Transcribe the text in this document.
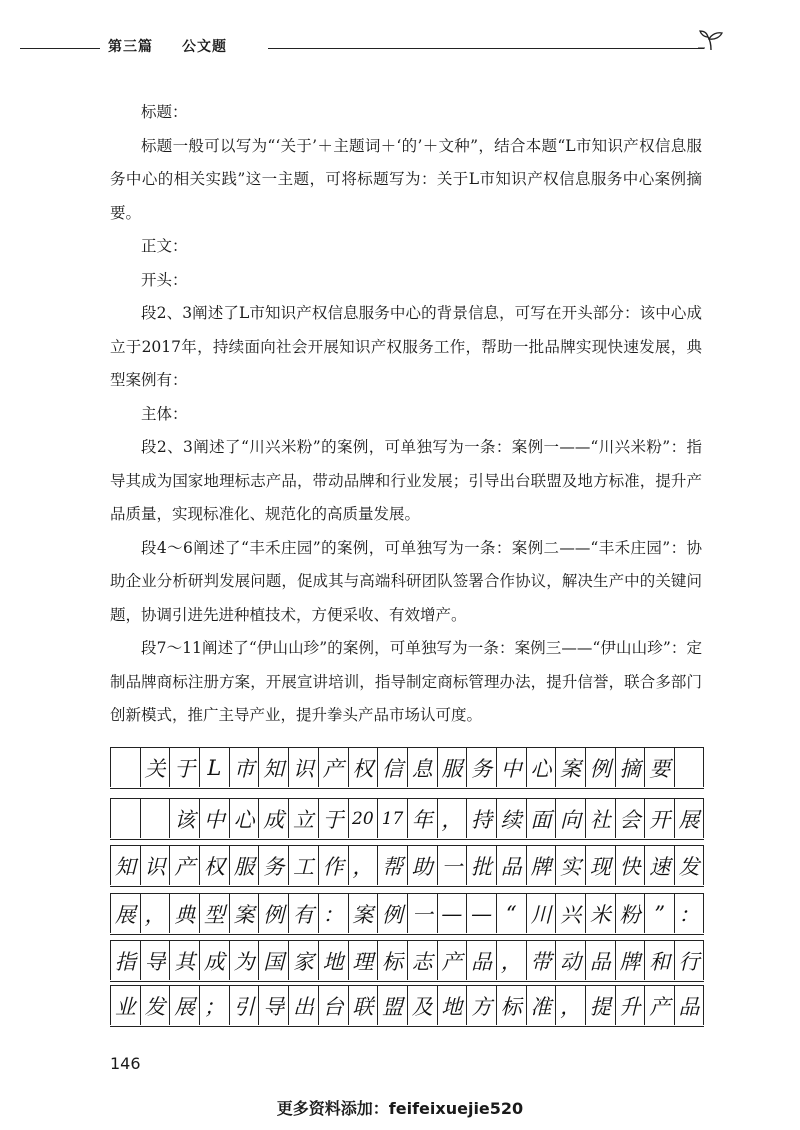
第三篇 公文题

标题：

标题一般可以写为“‘关于’＋主题词＋‘的’＋文种”，结合本题“L市知识产权信息服务中心的相关实践”这一主题，可将标题写为：关于L市知识产权信息服务中心案例摘要。

正文：

开头：

段2、3阐述了L市知识产权信息服务中心的背景信息，可写在开头部分：该中心成立于2017年，持续面向社会开展知识产权服务工作，帮助一批品牌实现快速发展，典型案例有：

主体：

段2、3阐述了“川兴米粉”的案例，可单独写为一条：案例一——“川兴米粉”：指导其成为国家地理标志产品，带动品牌和行业发展；引导出台联盟及地方标准，提升产品质量，实现标准化、规范化的高质量发展。

段4～6阐述了“丰禾庄园”的案例，可单独写为一条：案例二——“丰禾庄园”：协助企业分析研判发展问题，促成其与高端科研团队签署合作协议，解决生产中的关键问题，协调引进先进种植技术，方便采收、有效增产。

段7～11阐述了“伊山山珍”的案例，可单独写为一条：案例三——“伊山山珍”：定制品牌商标注册方案，开展宣讲培训，指导制定商标管理办法，提升信誉，联合多部门创新模式，推广主导产业，提升拳头产品市场认可度。

关 于 L 市 知 识 产 权 信 息 服 务 中 心 案 例 摘 要
该 中 心 成 立 于 20 17 年 ， 持 续 面 向 社 会 开 展
知 识 产 权 服 务 工 作 ， 帮 助 一 批 品 牌 实 现 快 速 发
展 ， 典 型 案 例 有 ： 案 例 一 — — “ 川 兴 米 粉 ” ：
指 导 其 成 为 国 家 地 理 标 志 产 品 ， 带 动 品 牌 和 行
业 发 展 ； 引 导 出 台 联 盟 及 地 方 标 准 ， 提 升 产 品
146
更多资料添加：feifeixuejie520
